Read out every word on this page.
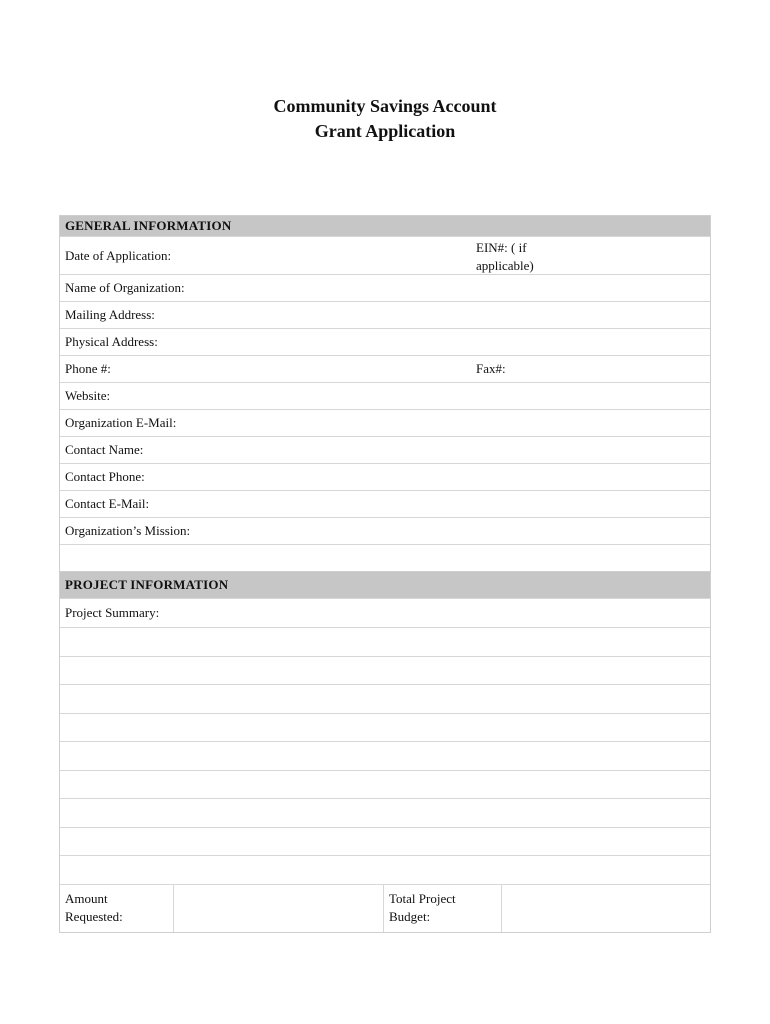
Community Savings Account
Grant Application
GENERAL INFORMATION
Date of Application:	EIN#: ( if
applicable)
Name of Organization:
Mailing Address:
Physical Address:
Phone #:	Fax#:
Website:
Organization E-Mail:
Contact Name:
Contact Phone:
Contact E-Mail:
Organization’s Mission:
PROJECT INFORMATION
Project Summary:
Amount
Requested:
Total Project
Budget:
